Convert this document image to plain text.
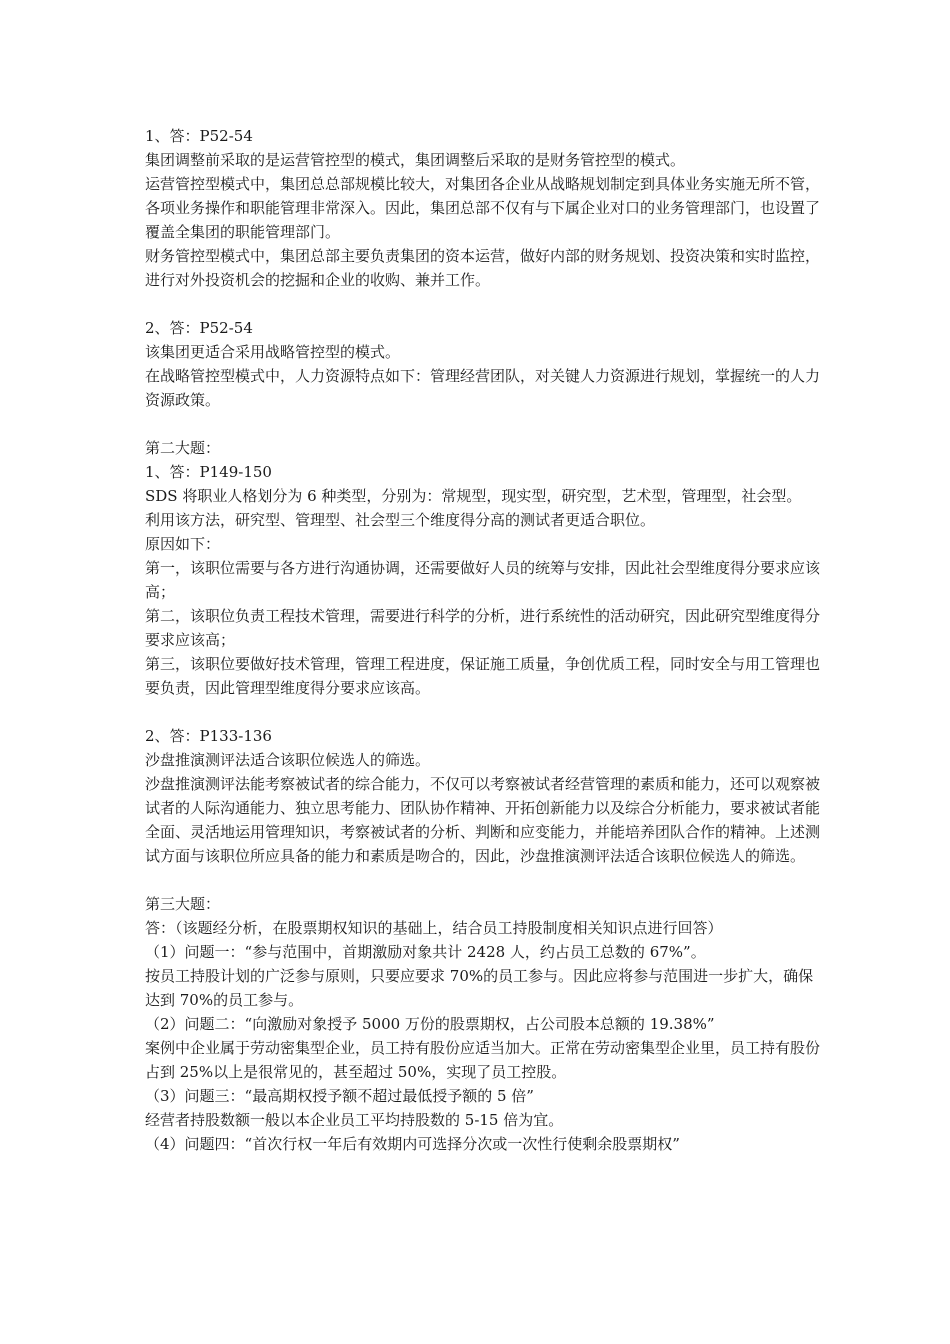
1、答：P52-54

集团调整前采取的是运营管控型的模式，集团调整后采取的是财务管控型的模式。

运营管控型模式中，集团总总部规模比较大，对集团各企业从战略规划制定到具体业务实施无所不管，各项业务操作和职能管理非常深入。因此，集团总部不仅有与下属企业对口的业务管理部门，也设置了覆盖全集团的职能管理部门。

财务管控型模式中，集团总部主要负责集团的资本运营，做好内部的财务规划、投资决策和实时监控，进行对外投资机会的挖掘和企业的收购、兼并工作。

2、答：P52-54

该集团更适合采用战略管控型的模式。

在战略管控型模式中，人力资源特点如下：管理经营团队，对关键人力资源进行规划，掌握统一的人力资源政策。

第二大题：

1、答：P149-150

SDS 将职业人格划分为 6 种类型，分别为：常规型，现实型，研究型，艺术型，管理型，社会型。

利用该方法，研究型、管理型、社会型三个维度得分高的测试者更适合职位。

原因如下：

第一，该职位需要与各方进行沟通协调，还需要做好人员的统筹与安排，因此社会型维度得分要求应该高；

第二，该职位负责工程技术管理，需要进行科学的分析，进行系统性的活动研究，因此研究型维度得分要求应该高；

第三，该职位要做好技术管理，管理工程进度，保证施工质量，争创优质工程，同时安全与用工管理也要负责，因此管理型维度得分要求应该高。

2、答：P133-136

沙盘推演测评法适合该职位候选人的筛选。

沙盘推演测评法能考察被试者的综合能力，不仅可以考察被试者经营管理的素质和能力，还可以观察被试者的人际沟通能力、独立思考能力、团队协作精神、开拓创新能力以及综合分析能力，要求被试者能全面、灵活地运用管理知识，考察被试者的分析、判断和应变能力，并能培养团队合作的精神。上述测试方面与该职位所应具备的能力和素质是吻合的，因此，沙盘推演测评法适合该职位候选人的筛选。

第三大题：

答：（该题经分析，在股票期权知识的基础上，结合员工持股制度相关知识点进行回答）

（1）问题一：“参与范围中，首期激励对象共计 2428 人，约占员工总数的 67%”。

按员工持股计划的广泛参与原则，只要应要求 70%的员工参与。因此应将参与范围进一步扩大，确保达到 70%的员工参与。

（2）问题二：“向激励对象授予 5000 万份的股票期权，占公司股本总额的 19.38%”

案例中企业属于劳动密集型企业，员工持有股份应适当加大。正常在劳动密集型企业里，员工持有股份占到 25%以上是很常见的，甚至超过 50%，实现了员工控股。

（3）问题三：“最高期权授予额不超过最低授予额的 5 倍”

经营者持股数额一般以本企业员工平均持股数的 5-15 倍为宜。

（4）问题四：“首次行权一年后有效期内可选择分次或一次性行使剩余股票期权”
